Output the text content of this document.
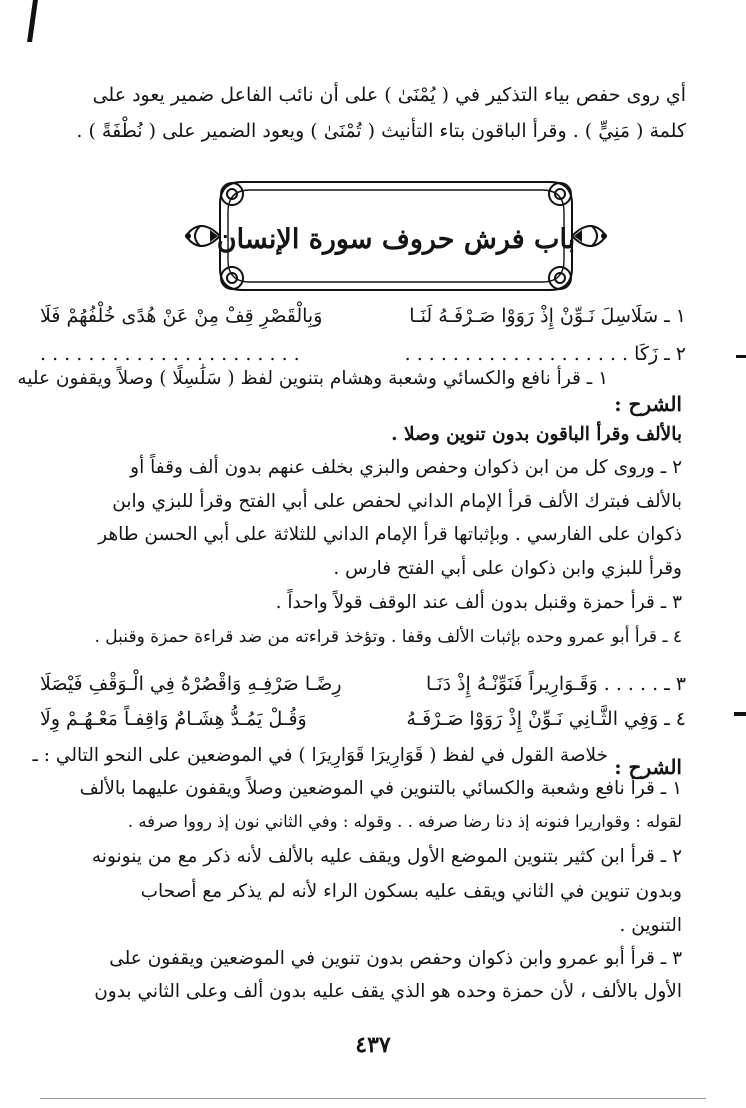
أي روى حفص بياء التذكير في ( يُمْنَىٰ ) على أن نائب الفاعل ضمير يعود على
كلمة ( مَنِيٍّ ) . وقرأ الباقون بتاء التأنيث ( تُمْنَىٰ ) ويعود الضمير على ( نُطْفَةً ) .
باب فرش حروف سورة الإنسان
١ ـ سَلَاسِلَ نَـوِّنْ إِذْ رَوَوْا صَـرْفَـهُ لَنَـا
وَبِالْقَصْرِ قِفْ مِنْ عَنْ هُدًى خُلْفُهُمْ فَلَا
٢ ـ زَكَا . . . . . . . . . . . . . . . . . . .
. . . . . . . . . . . . . . . . . . . . . .
الشرح :
١ ـ قرأ نافع والكسائي وشعبة وهشام بتنوين لفظ ( سَلَٰسِلًا ) وصلاً ويقفون عليه
بالألف وقرأ الباقون بدون تنوين وصلا .
٢ ـ وروى كل من ابن ذكوان وحفص والبزي بخلف عنهم بدون ألف وقفاً أو
بالألف فبترك الألف قرأ الإمام الداني لحفص على أبي الفتح وقرأ للبزي وابن
ذكوان على الفارسي . وبإثباتها قرأ الإمام الداني للثلاثة على أبي الحسن طاهر
وقرأ للبزي وابن ذكوان على أبي الفتح فارس .
٣ ـ قرأ حمزة وقنبل بدون ألف عند الوقف قولاً واحداً .
٤ ـ قرأ أبو عمرو وحده بإثبات الألف وقفا . وتؤخذ قراءته من ضد قراءة حمزة وقنبل .
٣ ـ . . . . . وَقَـوَارِيراً فَنَوِّنْـهُ إِذْ دَنَـا
رِضًـا صَرْفِـهِ وَاقْصُرْهُ فِي الْـوَقْفِ فَيْصَلَا
٤ ـ وَفِي الثَّـانِي نَـوِّنْ إِذْ رَوَوْا صَـرْفَـهُ
وَقُـلْ يَمُـدُّ هِشَـامٌ وَاقِفـاً مَعْـهُـمْ وِلَا
الشرح :
خلاصة القول في لفظ ( قَوَارِيرَا قَوَارِيرَا ) في الموضعين على النحو التالي : ـ
١ ـ قرأ نافع وشعبة والكسائي بالتنوين في الموضعين وصلاً ويقفون عليهما بالألف
لقوله : وقواريرا فنونه إذ دنا رضا صرفه . . وقوله : وفي الثاني نون إذ رووا صرفه .
٢ ـ قرأ ابن كثير بتنوين الموضع الأول ويقف عليه بالألف لأنه ذكر مع من ينونونه
وبدون تنوين في الثاني ويقف عليه بسكون الراء لأنه لم يذكر مع أصحاب
التنوين .
٣ ـ قرأ أبو عمرو وابن ذكوان وحفص بدون تنوين في الموضعين ويقفون على
الأول بالألف ، لأن حمزة وحده هو الذي يقف عليه بدون ألف وعلى الثاني بدون
٤٣٧
